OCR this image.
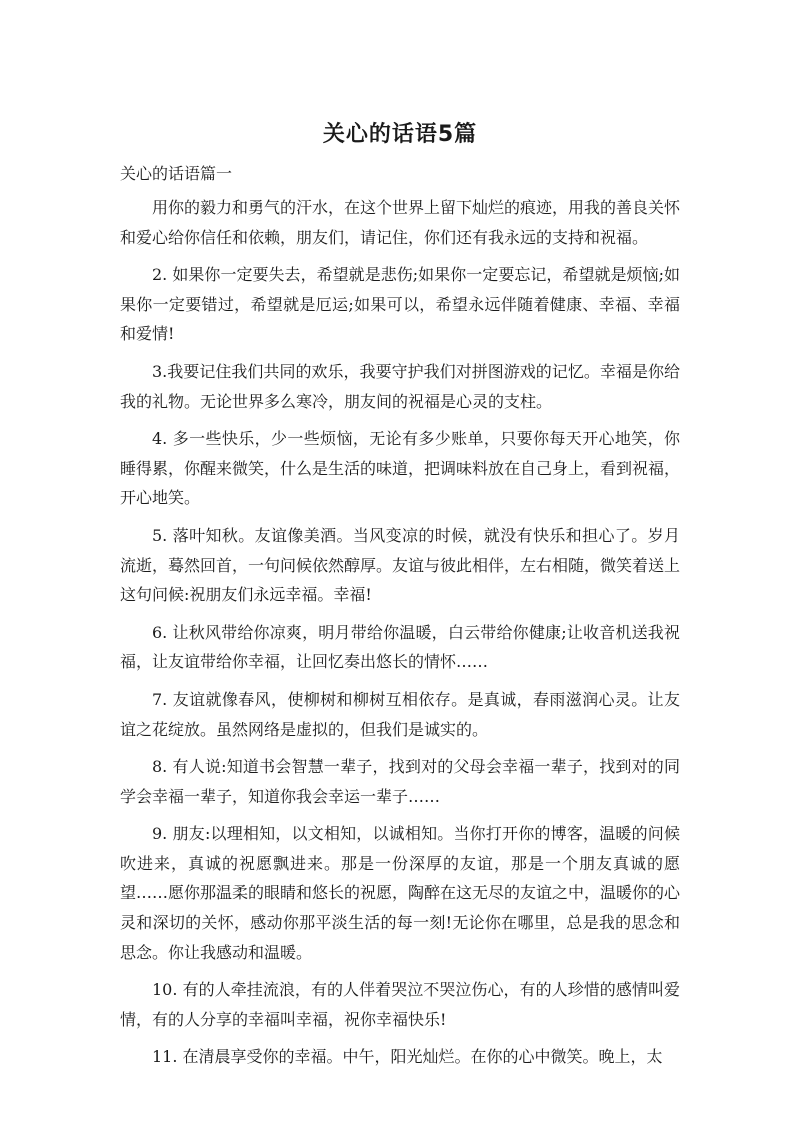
关心的话语5篇
关心的话语篇一

用你的毅力和勇气的汗水，在这个世界上留下灿烂的痕迹，用我的善良关怀和爱心给你信任和依赖，朋友们，请记住，你们还有我永远的支持和祝福。

2. 如果你一定要失去，希望就是悲伤;如果你一定要忘记，希望就是烦恼;如果你一定要错过，希望就是厄运;如果可以，希望永远伴随着健康、幸福、幸福和爱情!

3.我要记住我们共同的欢乐，我要守护我们对拼图游戏的记忆。幸福是你给我的礼物。无论世界多么寒冷，朋友间的祝福是心灵的支柱。

4. 多一些快乐，少一些烦恼，无论有多少账单，只要你每天开心地笑，你睡得累，你醒来微笑，什么是生活的味道，把调味料放在自己身上，看到祝福，开心地笑。

5. 落叶知秋。友谊像美酒。当风变凉的时候，就没有快乐和担心了。岁月流逝，蓦然回首，一句问候依然醇厚。友谊与彼此相伴，左右相随，微笑着送上这句问候:祝朋友们永远幸福。幸福!

6. 让秋风带给你凉爽，明月带给你温暖，白云带给你健康;让收音机送我祝福，让友谊带给你幸福，让回忆奏出悠长的情怀……

7. 友谊就像春风，使柳树和柳树互相依存。是真诚，春雨滋润心灵。让友谊之花绽放。虽然网络是虚拟的，但我们是诚实的。

8. 有人说:知道书会智慧一辈子，找到对的父母会幸福一辈子，找到对的同学会幸福一辈子，知道你我会幸运一辈子……

9. 朋友:以理相知，以文相知，以诚相知。当你打开你的博客，温暖的问候吹进来，真诚的祝愿飘进来。那是一份深厚的友谊，那是一个朋友真诚的愿望……愿你那温柔的眼睛和悠长的祝愿，陶醉在这无尽的友谊之中，温暖你的心灵和深切的关怀，感动你那平淡生活的每一刻!无论你在哪里，总是我的思念和思念。你让我感动和温暖。

10. 有的人牵挂流浪，有的人伴着哭泣不哭泣伤心，有的人珍惜的感情叫爱情，有的人分享的幸福叫幸福，祝你幸福快乐!

11. 在清晨享受你的幸福。中午，阳光灿烂。在你的心中微笑。晚上，太
